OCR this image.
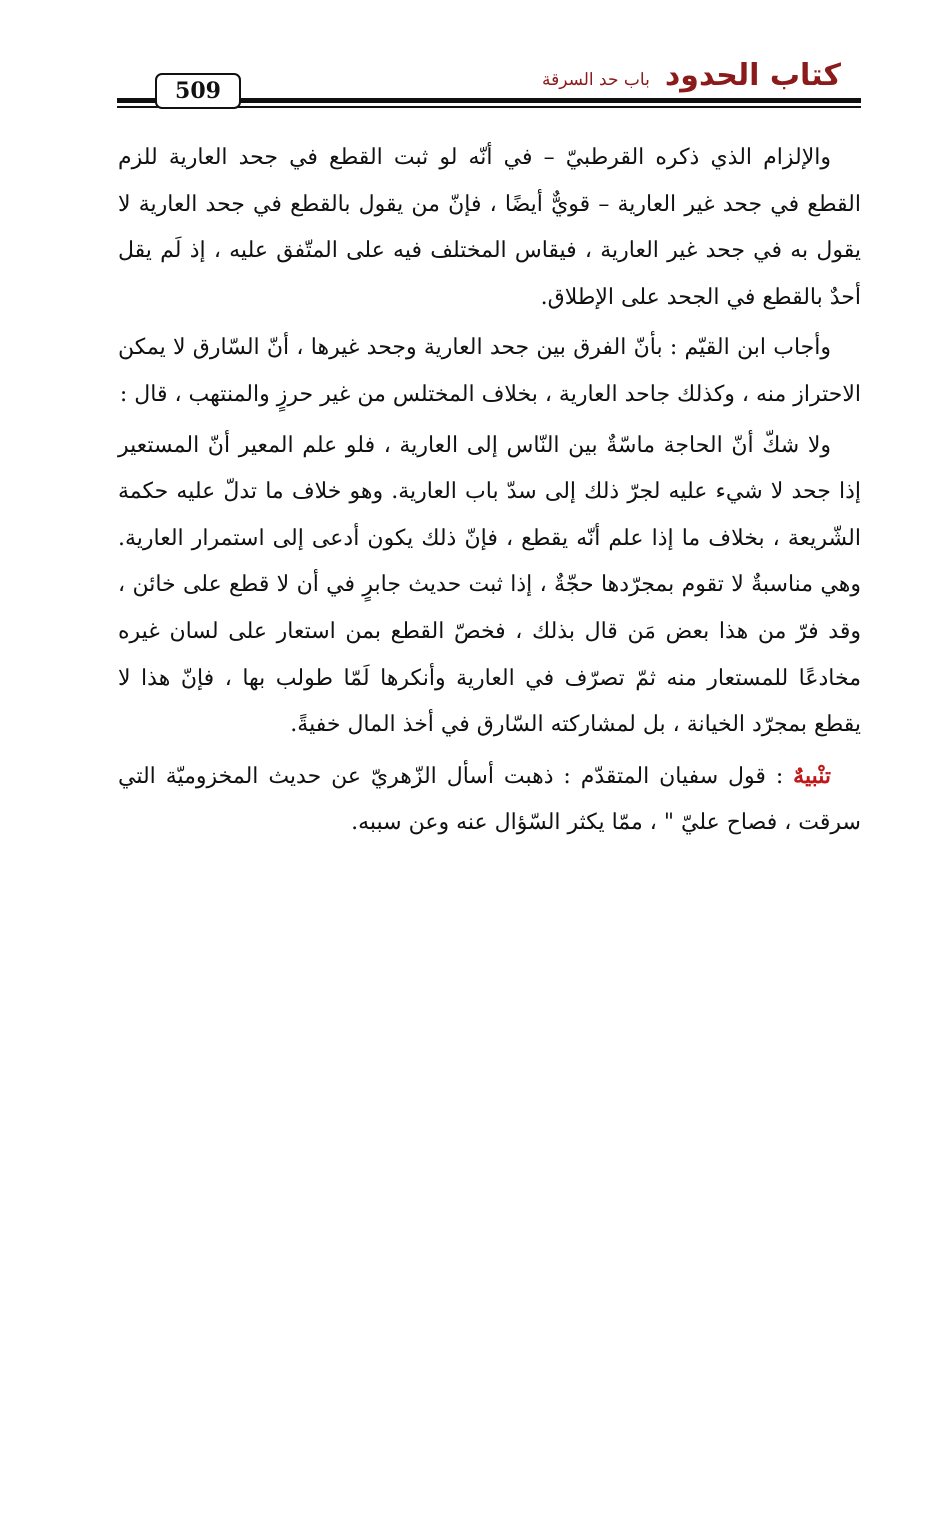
كتاب الحدود باب حد السرقة
509

والإلزام الذي ذكره القرطبيّ – في أنّه لو ثبت القطع في جحد العارية للزم القطع في جحد غير العارية – قويٌّ أيضًا ، فإنّ من يقول بالقطع في جحد العارية لا يقول به في جحد غير العارية ، فيقاس المختلف فيه على المتّفق عليه ، إذ لَم يقل أحدٌ بالقطع في الجحد على الإطلاق.

وأجاب ابن القيّم : بأنّ الفرق بين جحد العارية وجحد غيرها ، أنّ السّارق لا يمكن الاحتراز منه ، وكذلك جاحد العارية ، بخلاف المختلس من غير حرزٍ والمنتهب ، قال :

ولا شكّ أنّ الحاجة ماسّةٌ بين النّاس إلى العارية ، فلو علم المعير أنّ المستعير إذا جحد لا شيء عليه لجرّ ذلك إلى سدّ باب العارية. وهو خلاف ما تدلّ عليه حكمة الشّريعة ، بخلاف ما إذا علم أنّه يقطع ، فإنّ ذلك يكون أدعى إلى استمرار العارية. وهي مناسبةٌ لا تقوم بمجرّدها حجّةٌ ، إذا ثبت حديث جابرٍ في أن لا قطع على خائن ، وقد فرّ من هذا بعض مَن قال بذلك ، فخصّ القطع بمن استعار على لسان غيره مخادعًا للمستعار منه ثمّ تصرّف في العارية وأنكرها لَمّا طولب بها ، فإنّ هذا لا يقطع بمجرّد الخيانة ، بل لمشاركته السّارق في أخذ المال خفيةً.

تنْبيهٌ : قول سفيان المتقدّم : ذهبت أسأل الزّهريّ عن حديث المخزوميّة التي سرقت ، فصاح عليّ " ، ممّا يكثر السّؤال عنه وعن سببه.
